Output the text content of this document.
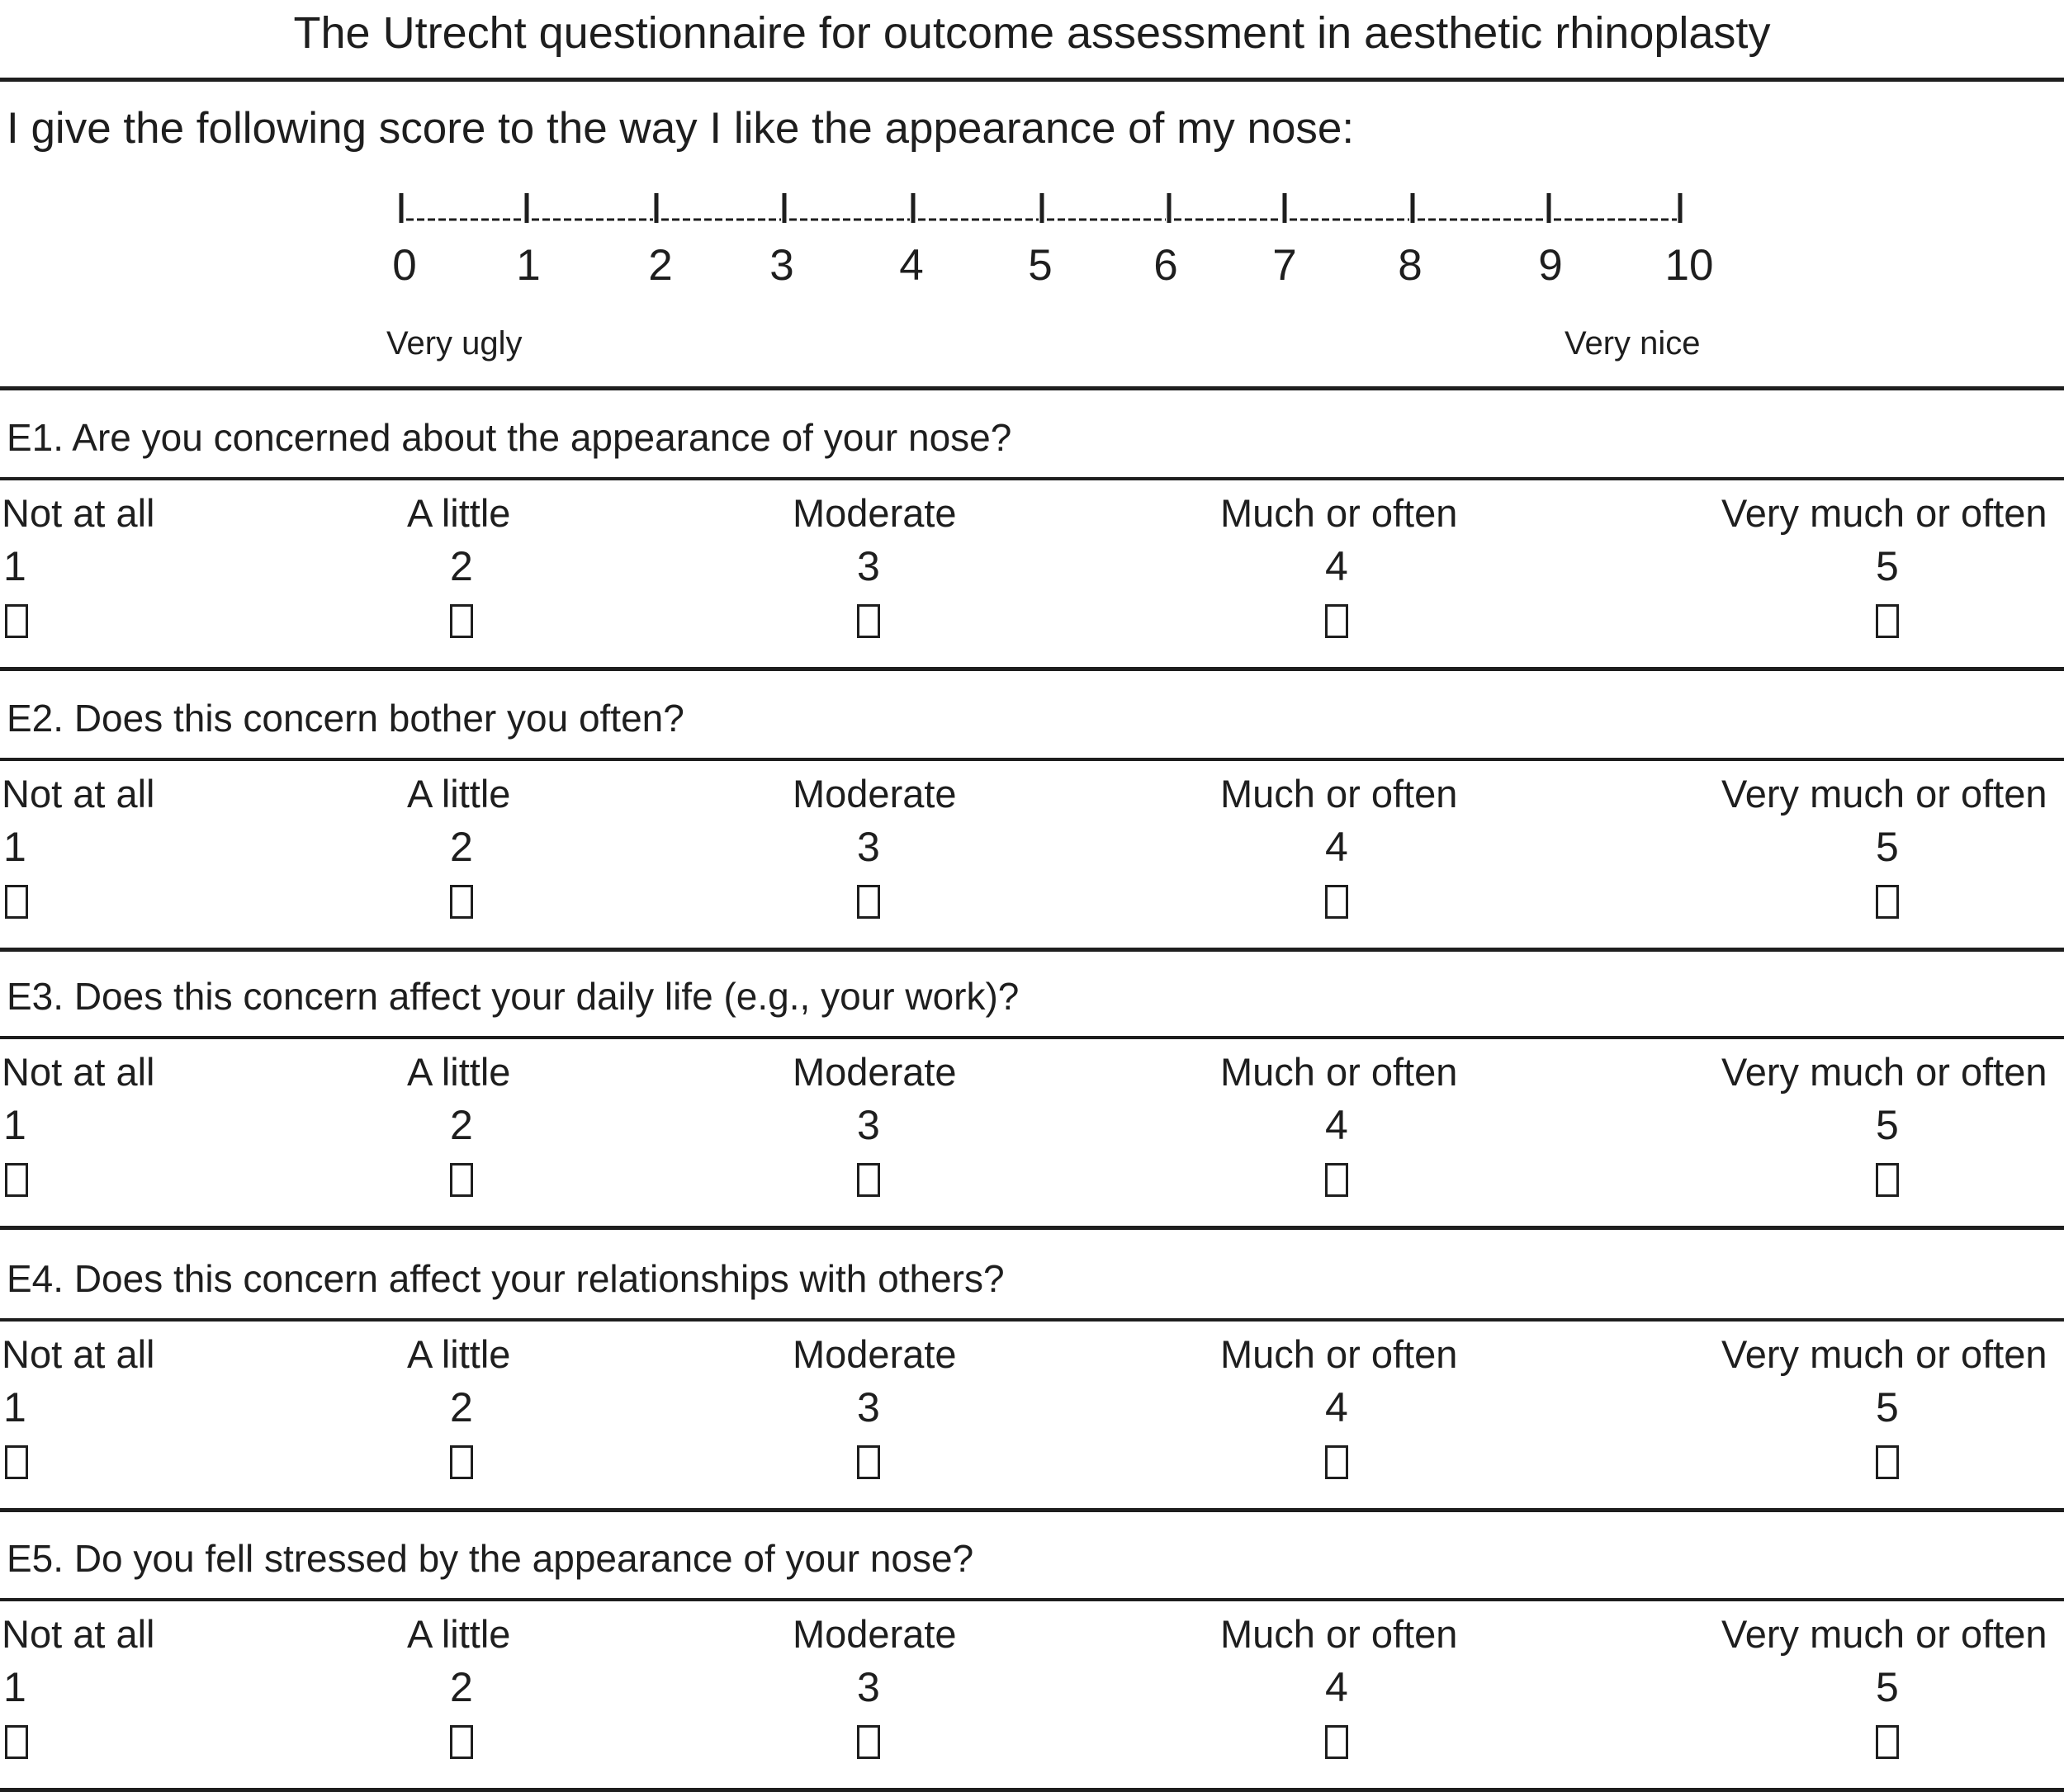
The Utrecht questionnaire for outcome assessment in aesthetic rhinoplasty
I give the following score to the way I like the appearance of my nose:
0 1 2 3 4 5 6 7 8	9 10
Very ugly	Very nice
E1. Are you concerned about the appearance of your nose?
Not at all
1
A little
2
Moderate
3
Much or often
4
Very much or often
5
E2. Does this concern bother you often?
Not at all
1
A little
2
Moderate
3
Much or often
4
Very much or often
5
E3. Does this concern affect your daily life (e.g., your work)?
Not at all
1
A little
2
Moderate
3
Much or often
4
Very much or often
5
E4. Does this concern affect your relationships with others?
Not at all
1
A little
2
Moderate
3
Much or often
4
Very much or often
5
E5. Do you fell stressed by the appearance of your nose?
Not at all
1
A little
2
Moderate
3
Much or often
4
Very much or often
5
